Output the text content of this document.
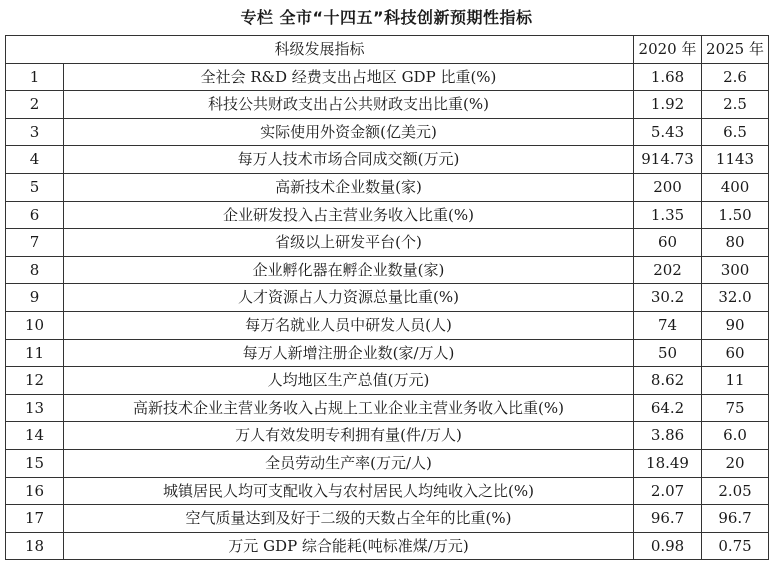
专栏 全市“十四五”科技创新预期性指标
科级发展指标		2020 年	2025 年
1	全社会 R&D 经费支出占地区 GDP 比重(%)	1.68	2.6
2	科技公共财政支出占公共财政支出比重(%)	1.92	2.5
3	实际使用外资金额(亿美元)	5.43	6.5
4	每万人技术市场合同成交额(万元)	914.73	1143
5	高新技术企业数量(家)	200	400
6	企业研发投入占主营业务收入比重(%)	1.35	1.50
7	省级以上研发平台(个)	60	80
8	企业孵化器在孵企业数量(家)	202	300
9	人才资源占人力资源总量比重(%)	30.2	32.0
10	每万名就业人员中研发人员(人)	74	90
11	每万人新增注册企业数(家/万人)	50	60
12	人均地区生产总值(万元)	8.62	11
13	高新技术企业主营业务收入占规上工业企业主营业务收入比重(%)	64.2	75
14	万人有效发明专利拥有量(件/万人)	3.86	6.0
15	全员劳动生产率(万元/人)	18.49	20
16	城镇居民人均可支配收入与农村居民人均纯收入之比(%)	2.07	2.05
17	空气质量达到及好于二级的天数占全年的比重(%)	96.7	96.7
18	万元 GDP 综合能耗(吨标准煤/万元)	0.98	0.75
